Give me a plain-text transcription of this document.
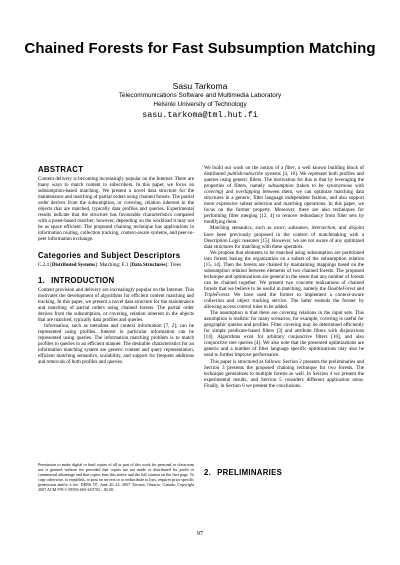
Chained Forests for Fast Subsumption Matching
Sasu Tarkoma
Telecommunications Software and Multimedia Laboratory
Helsinki University of Technology
sasu.tarkoma@tml.hut.fi
ABSTRACT

Content delivery is becoming increasingly popular on the Internet. There are many ways to match content to subscribers. In this paper, we focus on subsumption-based matching. We present a novel data structure for the maintenance and matching of partial orders using chained forests. The partial order derives from the subsumption, or covering, relation inherent in the objects that are matched, typically data profiles and queries. Experimental results indicate that the structure has favourable characteristics compared with a poset-based matcher; however, depending on the workload it may not be as space efficient. The proposed chaining technique has applications in information routing, collection tracking, context-aware systems, and peer-to-peer information exchange.

Categories and Subject Descriptors

C.2.4 [Distributed Systems]: Matching; E.1 [Data Structures]: Trees

1. INTRODUCTION

Content provision and delivery are increasingly popular on the Internet. This motivates the development of algorithms for efficient content matching and tracking. In this paper, we present a novel data structure for the maintenance and matching of partial orders using chained forests. The partial order derives from the subsumption, or covering, relation inherent in the objects that are matched, typically data profiles and queries.

Information, such as metadata and context information [7, 2], can be represented using profiles. Interest in particular information can be represented using queries. The information matching problem is to match profiles to queries in an efficient manner. The desirable characteristics for an information matching system are generic content and query representation, efficient matching semantics, scalability, and support for frequent additions and removals of both profiles and queries.

Permission to make digital or hard copies of all or part of this work for personal or classroom use is granted without fee provided that copies are not made or distributed for profit or commercial advantage and that copies bear this notice and the full citation on the first page. To copy otherwise, to republish, to post on servers or to redistribute to lists, requires prior specific permission and/or a fee. DEBS '07, June 20–22, 2007 Toronto, Ontario, Canada. Copyright 2007 ACM 978-1-59593-665-3/07/03 ...$5.00.

We build our work on the notion of a filter, a well known building block of distributed publish/subscribe systems [4, 10]. We represent both profiles and queries using generic filters. The motivation for this is that by leveraging the properties of filters, namely subsumption (taken to be synonymous with covering) and overlapping between them, we can optimize matching data structures in a generic, filter language independent fashion, and also support more expressive subset selection and matching operations. In this paper, we focus on the former property. Moreover, there are also techniques for performing filter merging [12, 4] to remove redundancy from filter sets by modifying them.

Matching semantics, such as exact, subsumes, intersection, and disjoint have been previously proposed in the context of matchmaking with a Description Logic reasoner [15]. However, we are not aware of any optimized data structures for matching with these operators.

We propose that elements to be matched using subsumption are partitioned into forests basing the organization on a subset of the subsumption relation [15, 14]. Then the forests are chained by maintaining mappings based on the subsumption relation between elements of two chained forests. The proposed technique and optimizations are general in the sense that any number of forests can be chained together. We present two concrete realizations of chained forests that we believe to be useful in matching, namely the DoubleForest and TripleForest. We have used the former to implement a context-aware collection and object tracking service. The latter extends the former by allowing access control rules to be added.

The assumption is that there are covering relations in the input sets. This assumption is realistic for many scenarios, for example, covering is useful for geographic queries and profiles. Filter covering may be determined efficiently for simple predicate-based filters [3] and attribute filters with disjunctions [14]. Algorithms exist for arbitrary conjunctive filters [10], and also conjunctive tree queries [4]. We also note that the presented optimizations are generic and a number of filter language specific optimizations may also be used to further improve performance.

This paper is structured as follows: Section 2 presents the preliminaries and Section 3 presents the proposed chaining technique for two forests. The technique generalizes to multiple forests as well. In Section 4 we present the experimental results, and Section 5 considers different application areas. Finally, in Section 6 we present the conclusions.

2. PRELIMINARIES
97
